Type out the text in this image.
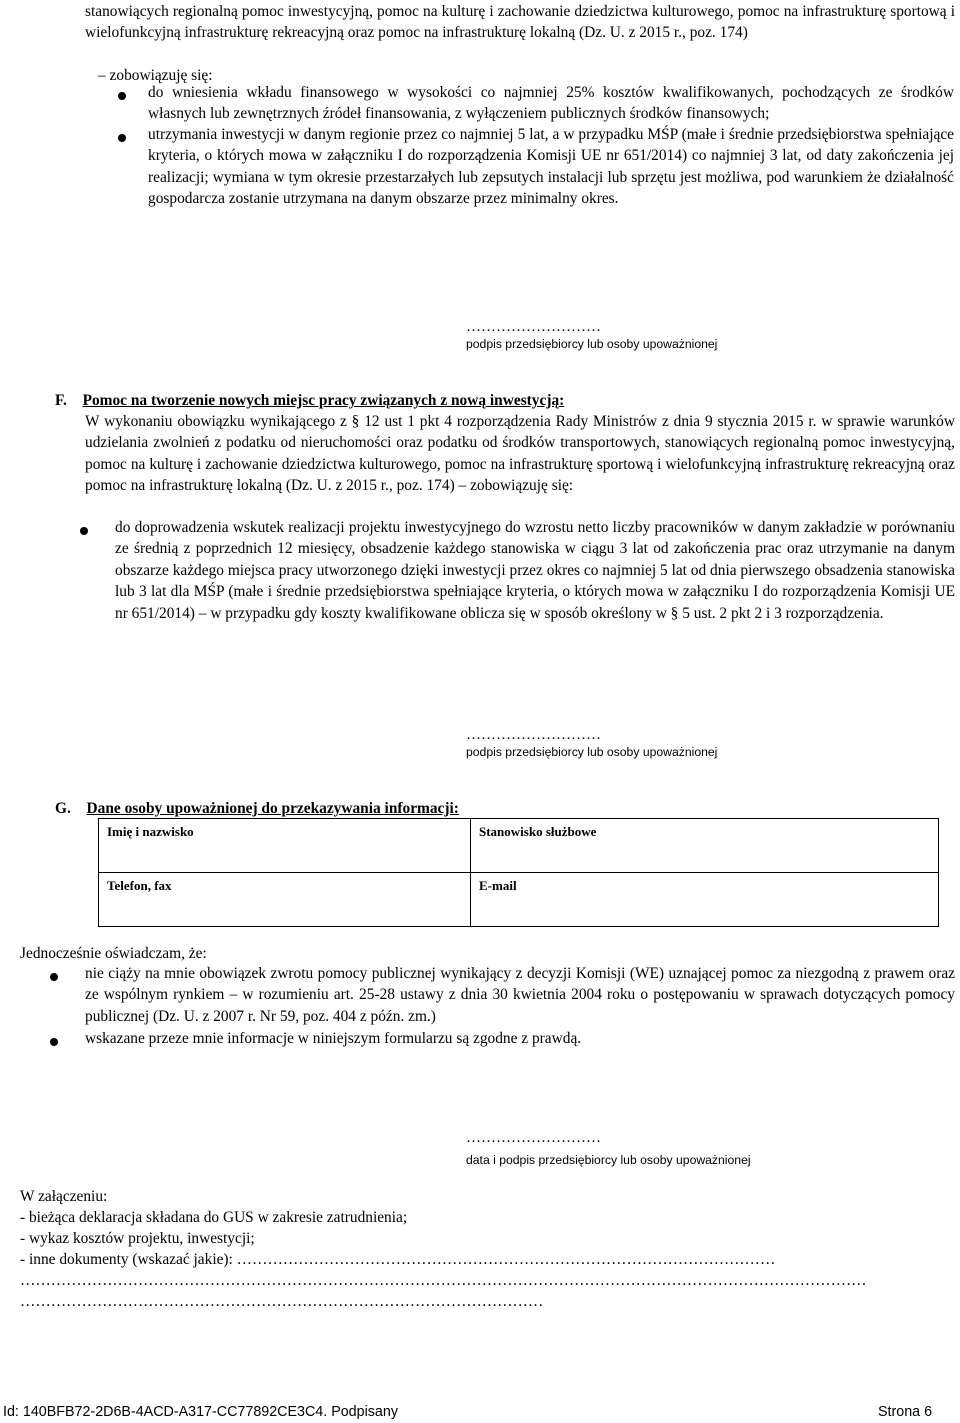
stanowiących regionalną pomoc inwestycyjną, pomoc na kulturę i zachowanie dziedzictwa kulturowego, pomoc na infrastrukturę sportową i wielofunkcyjną infrastrukturę rekreacyjną oraz pomoc na infrastrukturę lokalną (Dz. U. z 2015 r., poz. 174)

– zobowiązuję się:

do wniesienia wkładu finansowego w wysokości co najmniej 25% kosztów kwalifikowanych, pochodzących ze środków własnych lub zewnętrznych źródeł finansowania, z wyłączeniem publicznych środków finansowych;

utrzymania inwestycji w danym regionie przez co najmniej 5 lat, a w przypadku MŚP (małe i średnie przedsiębiorstwa spełniające kryteria, o których mowa w załączniku I do rozporządzenia Komisji UE nr 651/2014) co najmniej 3 lat, od daty zakończenia jej realizacji; wymiana w tym okresie przestarzałych lub zepsutych instalacji lub sprzętu jest możliwa, pod warunkiem że działalność gospodarcza zostanie utrzymana na danym obszarze przez minimalny okres.

………………………
podpis przedsiębiorcy lub osoby upoważnionej
F. Pomoc na tworzenie nowych miejsc pracy związanych z nową inwestycją:

W wykonaniu obowiązku wynikającego z § 12 ust 1 pkt 4 rozporządzenia Rady Ministrów z dnia 9 stycznia 2015 r. w sprawie warunków udzielania zwolnień z podatku od nieruchomości oraz podatku od środków transportowych, stanowiących regionalną pomoc inwestycyjną, pomoc na kulturę i zachowanie dziedzictwa kulturowego, pomoc na infrastrukturę sportową i wielofunkcyjną infrastrukturę rekreacyjną oraz pomoc na infrastrukturę lokalną (Dz. U. z 2015 r., poz. 174) – zobowiązuję się:

do doprowadzenia wskutek realizacji projektu inwestycyjnego do wzrostu netto liczby pracowników w danym zakładzie w porównaniu ze średnią z poprzednich 12 miesięcy, obsadzenie każdego stanowiska w ciągu 3 lat od zakończenia prac oraz utrzymanie na danym obszarze każdego miejsca pracy utworzonego dzięki inwestycji przez okres co najmniej 5 lat od dnia pierwszego obsadzenia stanowiska lub 3 lat dla MŚP (małe i średnie przedsiębiorstwa spełniające kryteria, o których mowa w załączniku I do rozporządzenia Komisji UE nr 651/2014) – w przypadku gdy koszty kwalifikowane oblicza się w sposób określony w § 5 ust. 2 pkt 2 i 3 rozporządzenia.

………………………
podpis przedsiębiorcy lub osoby upoważnionej
G. Dane osoby upoważnionej do przekazywania informacji:
Imię i nazwisko	Stanowisko służbowe
Telefon, fax	E-mail

Jednocześnie oświadczam, że:

nie ciąży na mnie obowiązek zwrotu pomocy publicznej wynikający z decyzji Komisji (WE) uznającej pomoc za niezgodną z prawem oraz ze wspólnym rynkiem – w rozumieniu art. 25-28 ustawy z dnia 30 kwietnia 2004 roku o postępowaniu w sprawach dotyczących pomocy publicznej (Dz. U. z 2007 r. Nr 59, poz. 404 z późn. zm.)

wskazane przeze mnie informacje w niniejszym formularzu są zgodne z prawdą.

………………………
data i podpis przedsiębiorcy lub osoby upoważnionej

W załączeniu:

- bieżąca deklaracja składana do GUS w zakresie zatrudnienia;

- wykaz kosztów projektu, inwestycji;

- inne dokumenty (wskazać jakie): ……………………………………………………………………………………………

…………………………………………………………………………………………………………………………………………………

…………………………………………………………………………………………

Id: 140BFB72-2D6B-4ACD-A317-CC77892CE3C4. Podpisany	Strona 6
